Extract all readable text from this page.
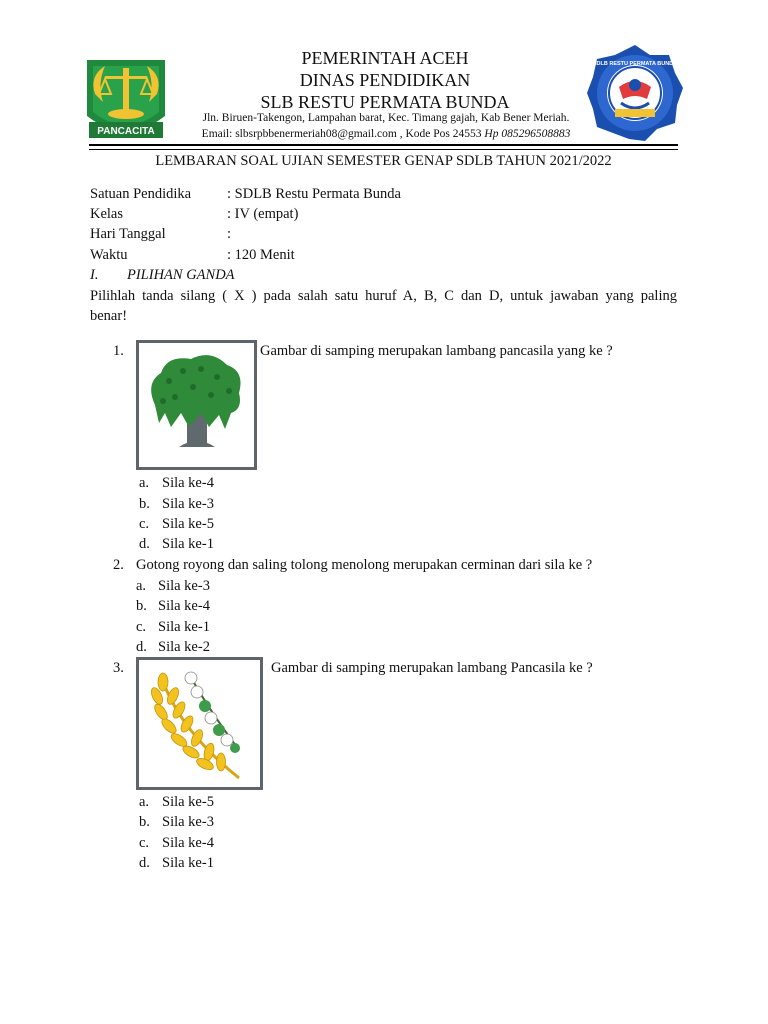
PANCACITA
SDLB RESTU PERMATA BUNDA
PEMERINTAH ACEH
DINAS PENDIDIKAN
SLB RESTU PERMATA BUNDA
Jln. Biruen-Takengon, Lampahan barat, Kec. Timang gajah, Kab Bener Meriah.
Email: slbsrpbbenermeriah08@gmail.com , Kode Pos 24553 Hp 085296508883
LEMBARAN SOAL UJIAN SEMESTER GENAP SDLB TAHUN 2021/2022
Satuan Pendidika : SDLB Restu Permata Bunda
Kelas	: IV (empat)
Hari Tanggal	:
Waktu	: 120 Menit
I. PILIHAN GANDA
Pilihlah tanda silang ( X ) pada salah satu huruf A, B, C dan D, untuk jawaban yang paling
benar!
1.	Gambar di samping merupakan lambang pancasila yang ke ?
a. Sila ke-4
b. Sila ke-3
c. Sila ke-5
d. Sila ke-1
2. Gotong royong dan saling tolong menolong merupakan cerminan dari sila ke ?
a. Sila ke-3
b. Sila ke-4
c. Sila ke-1
d. Sila ke-2
3.	Gambar di samping merupakan lambang Pancasila ke ?
a. Sila ke-5
b. Sila ke-3
c. Sila ke-4
d. Sila ke-1
